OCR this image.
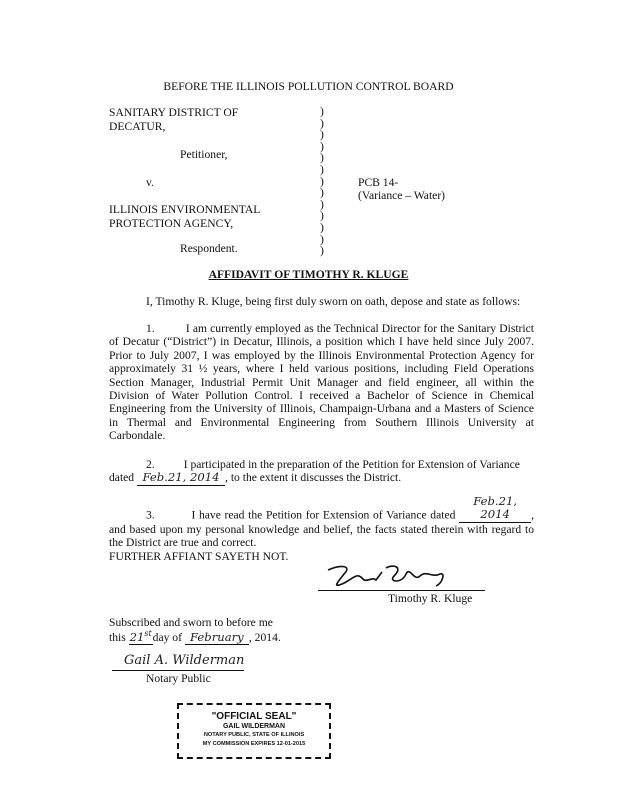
BEFORE THE ILLINOIS POLLUTION CONTROL BOARD
SANITARY DISTRICT OF
DECATUR,
Petitioner,
v.
ILLINOIS ENVIRONMENTAL
PROTECTION AGENCY,
Respondent.
)
)
)
)
)
)
)
)
)
)
)
)
)
PCB 14-
(Variance – Water)
AFFIDAVIT OF TIMOTHY R. KLUGE
I, Timothy R. Kluge, being first duly sworn on oath, depose and state as follows:
1.	I am currently employed as the Technical Director for the Sanitary District of Decatur (“District”) in Decatur, Illinois, a position which I have held since July 2007. Prior to July 2007, I was employed by the Illinois Environmental Protection Agency for approximately 31 ½ years, where I held various positions, including Field Operations Section Manager, Industrial Permit Unit Manager and field engineer, all within the Division of Water Pollution Control. I received a Bachelor of Science in Chemical Engineering from the University of Illinois, Champaign-Urbana and a Masters of Science in Thermal and Environmental Engineering from Southern Illinois University at Carbondale.
2. I participated in the preparation of the Petition for Extension of Variance
dated Feb.21, 2014 , to the extent it discusses the District.
3.	I have read the Petition for Extension of Variance dated Feb.21, 2014 , and based upon my personal knowledge and belief, the facts stated therein with regard to the District are true and correct.
FURTHER AFFIANT SAYETH NOT.
Timothy R. Kluge
Subscribed and sworn to before me
this 21stday of February , 2014.
Gail A. Wilderman
Notary Public
"OFFICIAL SEAL"
GAIL WILDERMAN
NOTARY PUBLIC, STATE OF ILLINOIS
MY COMMISSION EXPIRES 12-01-2015
